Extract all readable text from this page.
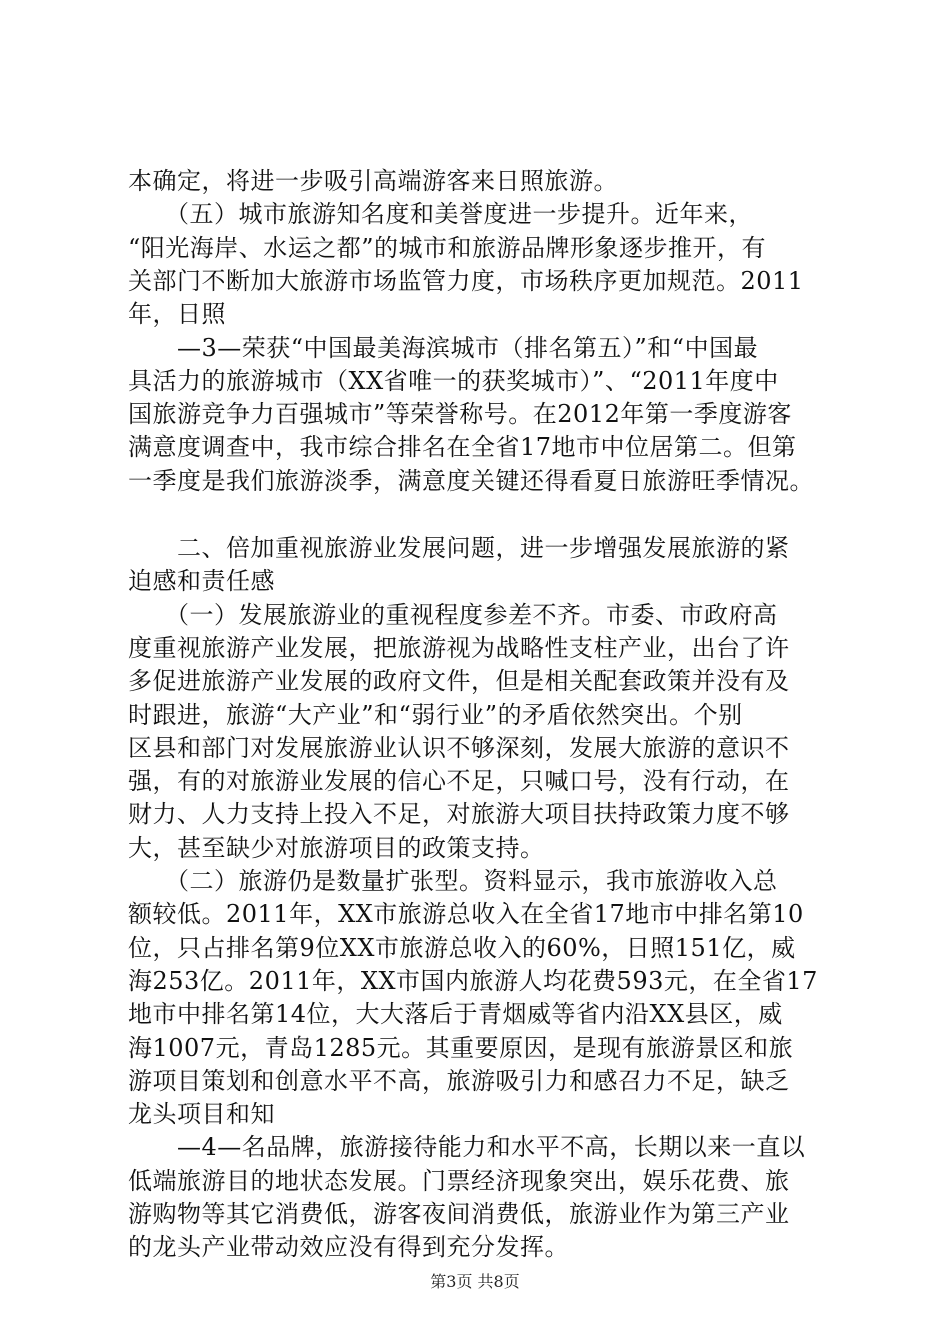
本确定，将进一步吸引高端游客来日照旅游。
　　（五）城市旅游知名度和美誉度进一步提升。近年来，
“阳光海岸、水运之都”的城市和旅游品牌形象逐步推开，有
关部门不断加大旅游市场监管力度，市场秩序更加规范。2011
年，日照
　　—3—荣获“中国最美海滨城市（排名第五）”和“中国最
具活力的旅游城市（XX省唯一的获奖城市）”、“2011年度中
国旅游竞争力百强城市”等荣誉称号。在2012年第一季度游客
满意度调查中，我市综合排名在全省17地市中位居第二。但第
一季度是我们旅游淡季，满意度关键还得看夏日旅游旺季情况。
　　二、倍加重视旅游业发展问题，进一步增强发展旅游的紧
迫感和责任感
　　（一）发展旅游业的重视程度参差不齐。市委、市政府高
度重视旅游产业发展，把旅游视为战略性支柱产业，出台了许
多促进旅游产业发展的政府文件，但是相关配套政策并没有及
时跟进，旅游“大产业”和“弱行业”的矛盾依然突出。个别
区县和部门对发展旅游业认识不够深刻，发展大旅游的意识不
强，有的对旅游业发展的信心不足，只喊口号，没有行动，在
财力、人力支持上投入不足，对旅游大项目扶持政策力度不够
大，甚至缺少对旅游项目的政策支持。
　　（二）旅游仍是数量扩张型。资料显示，我市旅游收入总
额较低。2011年，XX市旅游总收入在全省17地市中排名第10
位，只占排名第9位XX市旅游总收入的60%，日照151亿，威
海253亿。2011年，XX市国内旅游人均花费593元，在全省17
地市中排名第14位，大大落后于青烟威等省内沿XX县区，威
海1007元，青岛1285元。其重要原因，是现有旅游景区和旅
游项目策划和创意水平不高，旅游吸引力和感召力不足，缺乏
龙头项目和知
　　—4—名品牌，旅游接待能力和水平不高，长期以来一直以
低端旅游目的地状态发展。门票经济现象突出，娱乐花费、旅
游购物等其它消费低，游客夜间消费低，旅游业作为第三产业
的龙头产业带动效应没有得到充分发挥。
第3页 共8页
